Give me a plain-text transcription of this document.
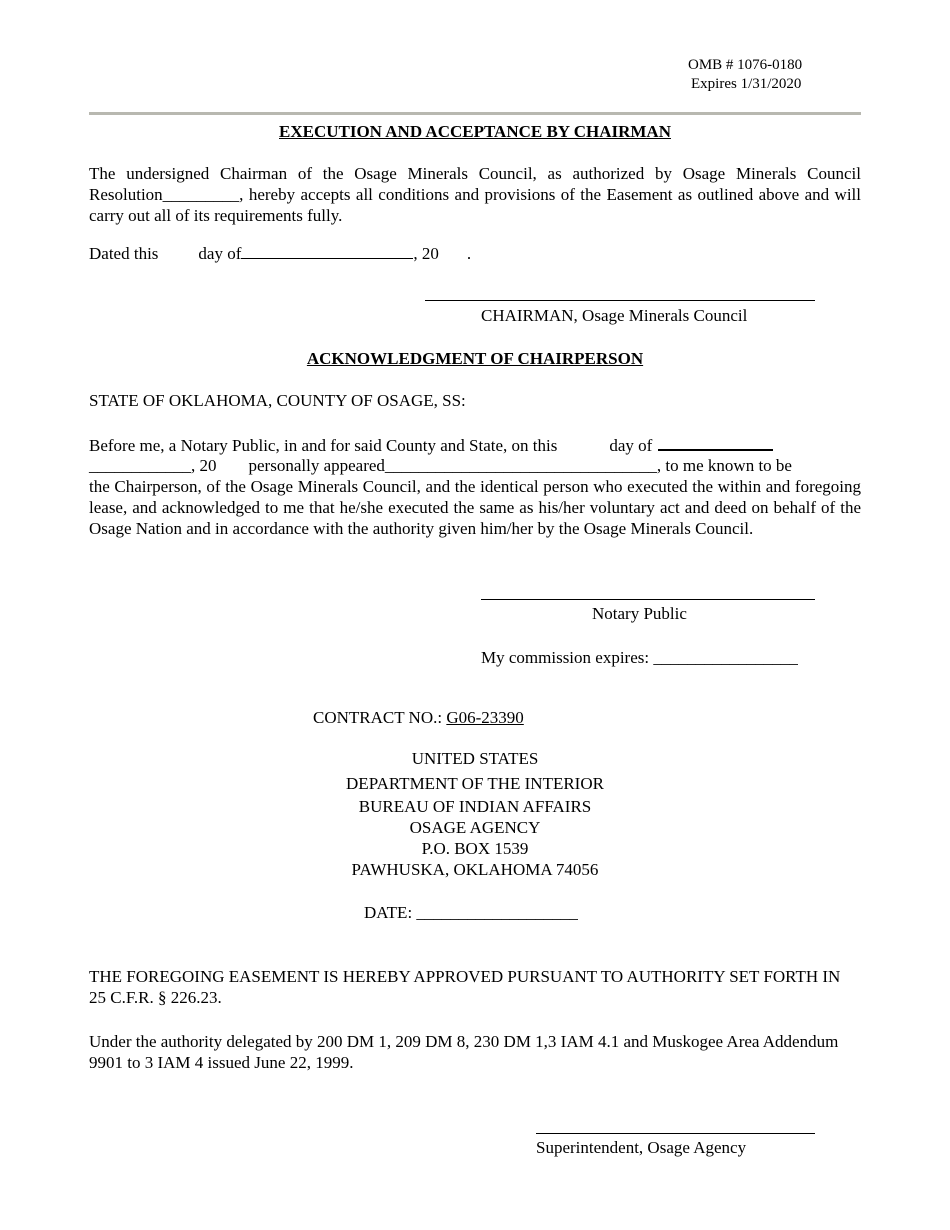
OMB # 1076-0180
Expires 1/31/2020
EXECUTION AND ACCEPTANCE BY CHAIRMAN
The undersigned Chairman of the Osage Minerals Council, as authorized by Osage Minerals Council Resolution_________, hereby accepts all conditions and provisions of the Easement as outlined above and will carry out all of its requirements fully.
Dated this day of	, 20 .
CHAIRMAN, Osage Minerals Council
ACKNOWLEDGMENT OF CHAIRPERSON
STATE OF OKLAHOMA, COUNTY OF OSAGE, SS:
Before me, a Notary Public, in and for said County and State, on this	day of
____________, 20 personally appeared________________________________, to me known to be
the Chairperson, of the Osage Minerals Council, and the identical person who executed the within and foregoing lease, and acknowledged to me that he/she executed the same as his/her voluntary act and deed on behalf of the Osage Nation and in accordance with the authority given him/her by the Osage Minerals Council.
Notary Public
My commission expires: _________________
CONTRACT NO.: G06-23390
UNITED STATES
DEPARTMENT OF THE INTERIOR
BUREAU OF INDIAN AFFAIRS
OSAGE AGENCY
P.O. BOX 1539
PAWHUSKA, OKLAHOMA 74056
DATE: ___________________
THE FOREGOING EASEMENT IS HEREBY APPROVED PURSUANT TO AUTHORITY SET FORTH IN 25 C.F.R. § 226.23.
Under the authority delegated by 200 DM 1, 209 DM 8, 230 DM 1,3 IAM 4.1 and Muskogee Area Addendum 9901 to 3 IAM 4 issued June 22, 1999.
Superintendent, Osage Agency
